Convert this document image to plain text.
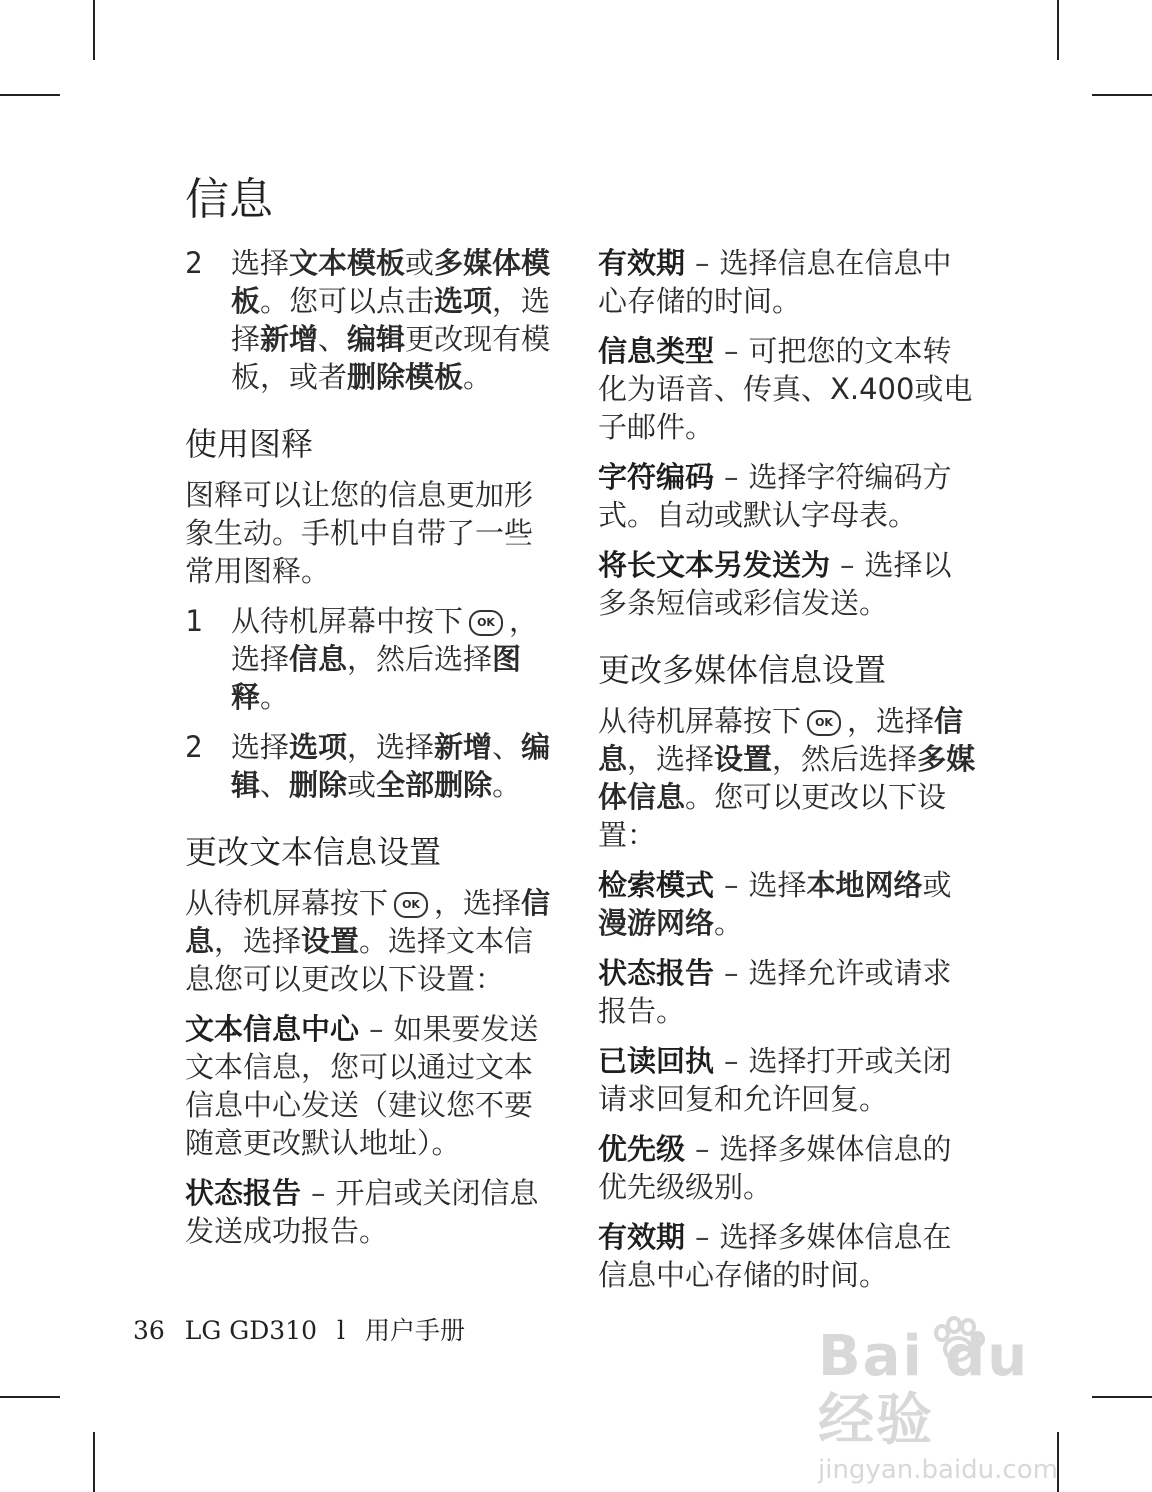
信息
2 选择文本模板或多媒体模板。您可以点击选项，选择新增、编辑更改现有模板，或者删除模板。
使用图释
图释可以让您的信息更加形象生动。手机中自带了一些常用图释。
1 从待机屏幕中按下 OK ，选择信息，然后选择图释。
2 选择选项，选择新增、编辑、删除或全部删除。
更改文本信息设置
从待机屏幕按下 OK ，选择信息，选择设置。选择文本信息您可以更改以下设置：
文本信息中心 – 如果要发送文本信息，您可以通过文本信息中心发送（建议您不要随意更改默认地址）。
状态报告 – 开启或关闭信息发送成功报告。
有效期 – 选择信息在信息中心存储的时间。
信息类型 – 可把您的文本转化为语音、传真、X.400或电子邮件。
字符编码 – 选择字符编码方式。自动或默认字母表。
将长文本另发送为 – 选择以多条短信或彩信发送。
更改多媒体信息设置
从待机屏幕按下 OK ，选择信息，选择设置，然后选择多媒体信息。您可以更改以下设置：
检索模式 – 选择本地网络或漫游网络。
状态报告 – 选择允许或请求报告。
已读回执 – 选择打开或关闭请求回复和允许回复。
优先级 – 选择多媒体信息的优先级级别。
有效期 – 选择多媒体信息在信息中心存储的时间。
36 LG GD310 l 用户手册	Bai du 经验
jingyan.baidu.com
